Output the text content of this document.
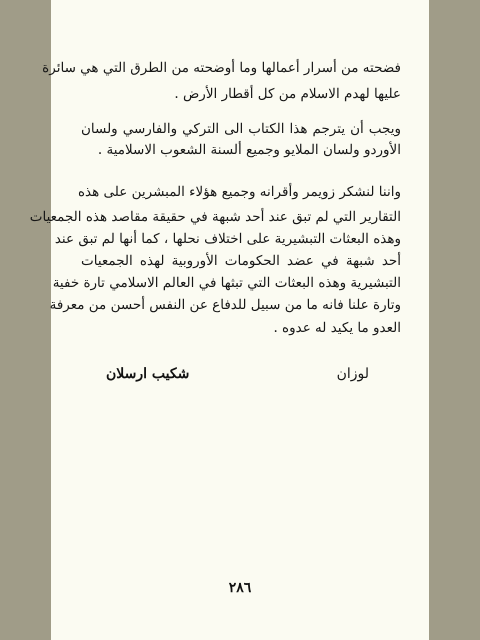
فضحته من أسرار أعمالها وما أوضحته من الطرق التي هي سائرة
عليها لهدم الاسلام من كل أقطار الأرض .
ويجب أن يترجم هذا الكتاب الى التركي والفارسي ولسان
الأوردو ولسان الملايو وجميع ألسنة الشعوب الاسلامية .
واننا لنشكر زويمر وأقرانه وجميع هؤلاء المبشرين على هذه
التقارير التي لم تبق عند أحد شبهة في حقيقة مقاصد هذه الجمعيات
وهذه البعثات التبشيرية على اختلاف نحلها ، كما أنها لم تبق عند
أحد شبهة في عضد الحكومات الأوروبية لهذه الجمعيات
التبشيرية وهذه البعثات التي تبثها في العالم الاسلامي تارة خفية
وتارة علنا فانه ما من سبيل للدفاع عن النفس أحسن من معرفة
العدو ما يكيد له عدوه .
لوزان
شكيب ارسلان
٢٨٦
